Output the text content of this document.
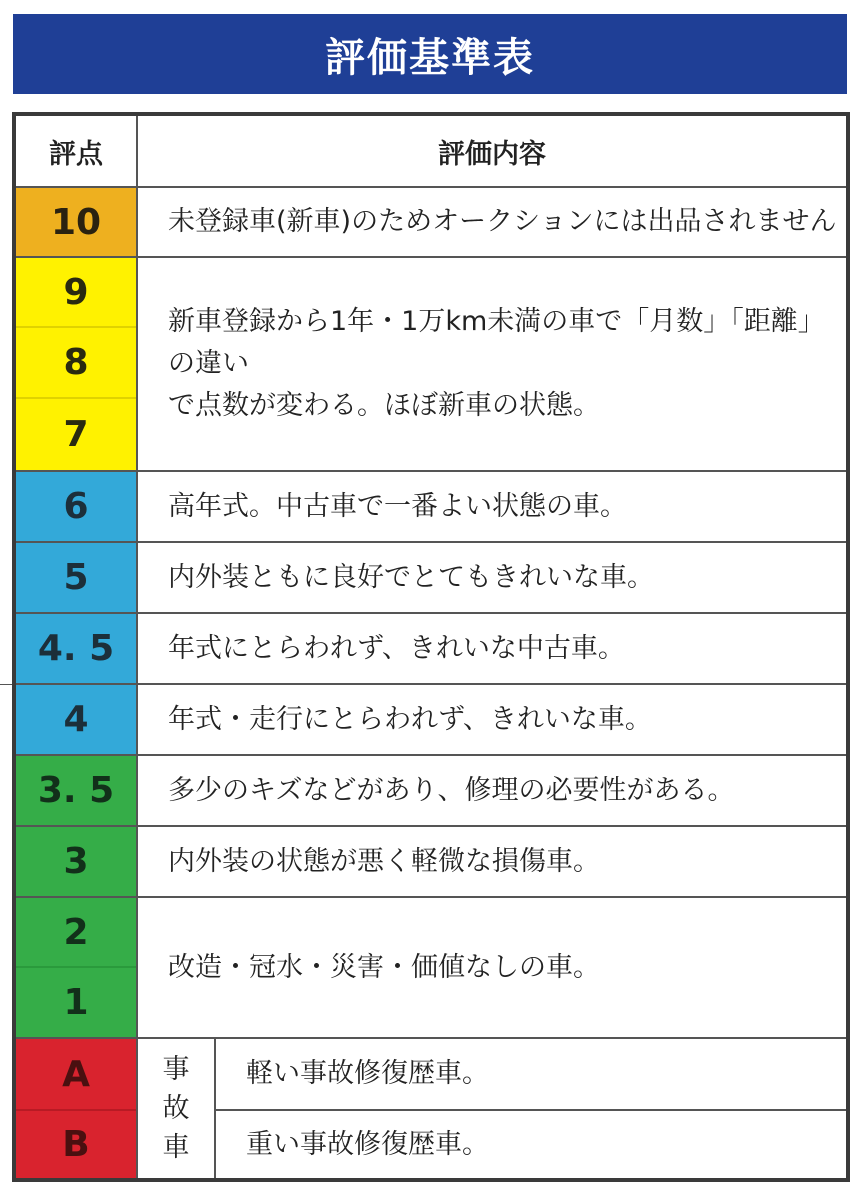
評価基準表
評点	評価内容
10
9
8
7
6
5
4. 5
4
3. 5
3
2
1
A
B
未登録車(新車)のためオークションには出品されません
新車登録から1年・1万km未満の車で「月数」「距離」の違い
で点数が変わる。ほぼ新車の状態。
高年式。中古車で一番よい状態の車。
内外装ともに良好でとてもきれいな車。
年式にとらわれず、きれいな中古車。
年式・走行にとらわれず、きれいな車。
多少のキズなどがあり、修理の必要性がある。
内外装の状態が悪く軽微な損傷車。
改造・冠水・災害・価値なしの車。
事
故
車
軽い事故修復歴車。
重い事故修復歴車。
